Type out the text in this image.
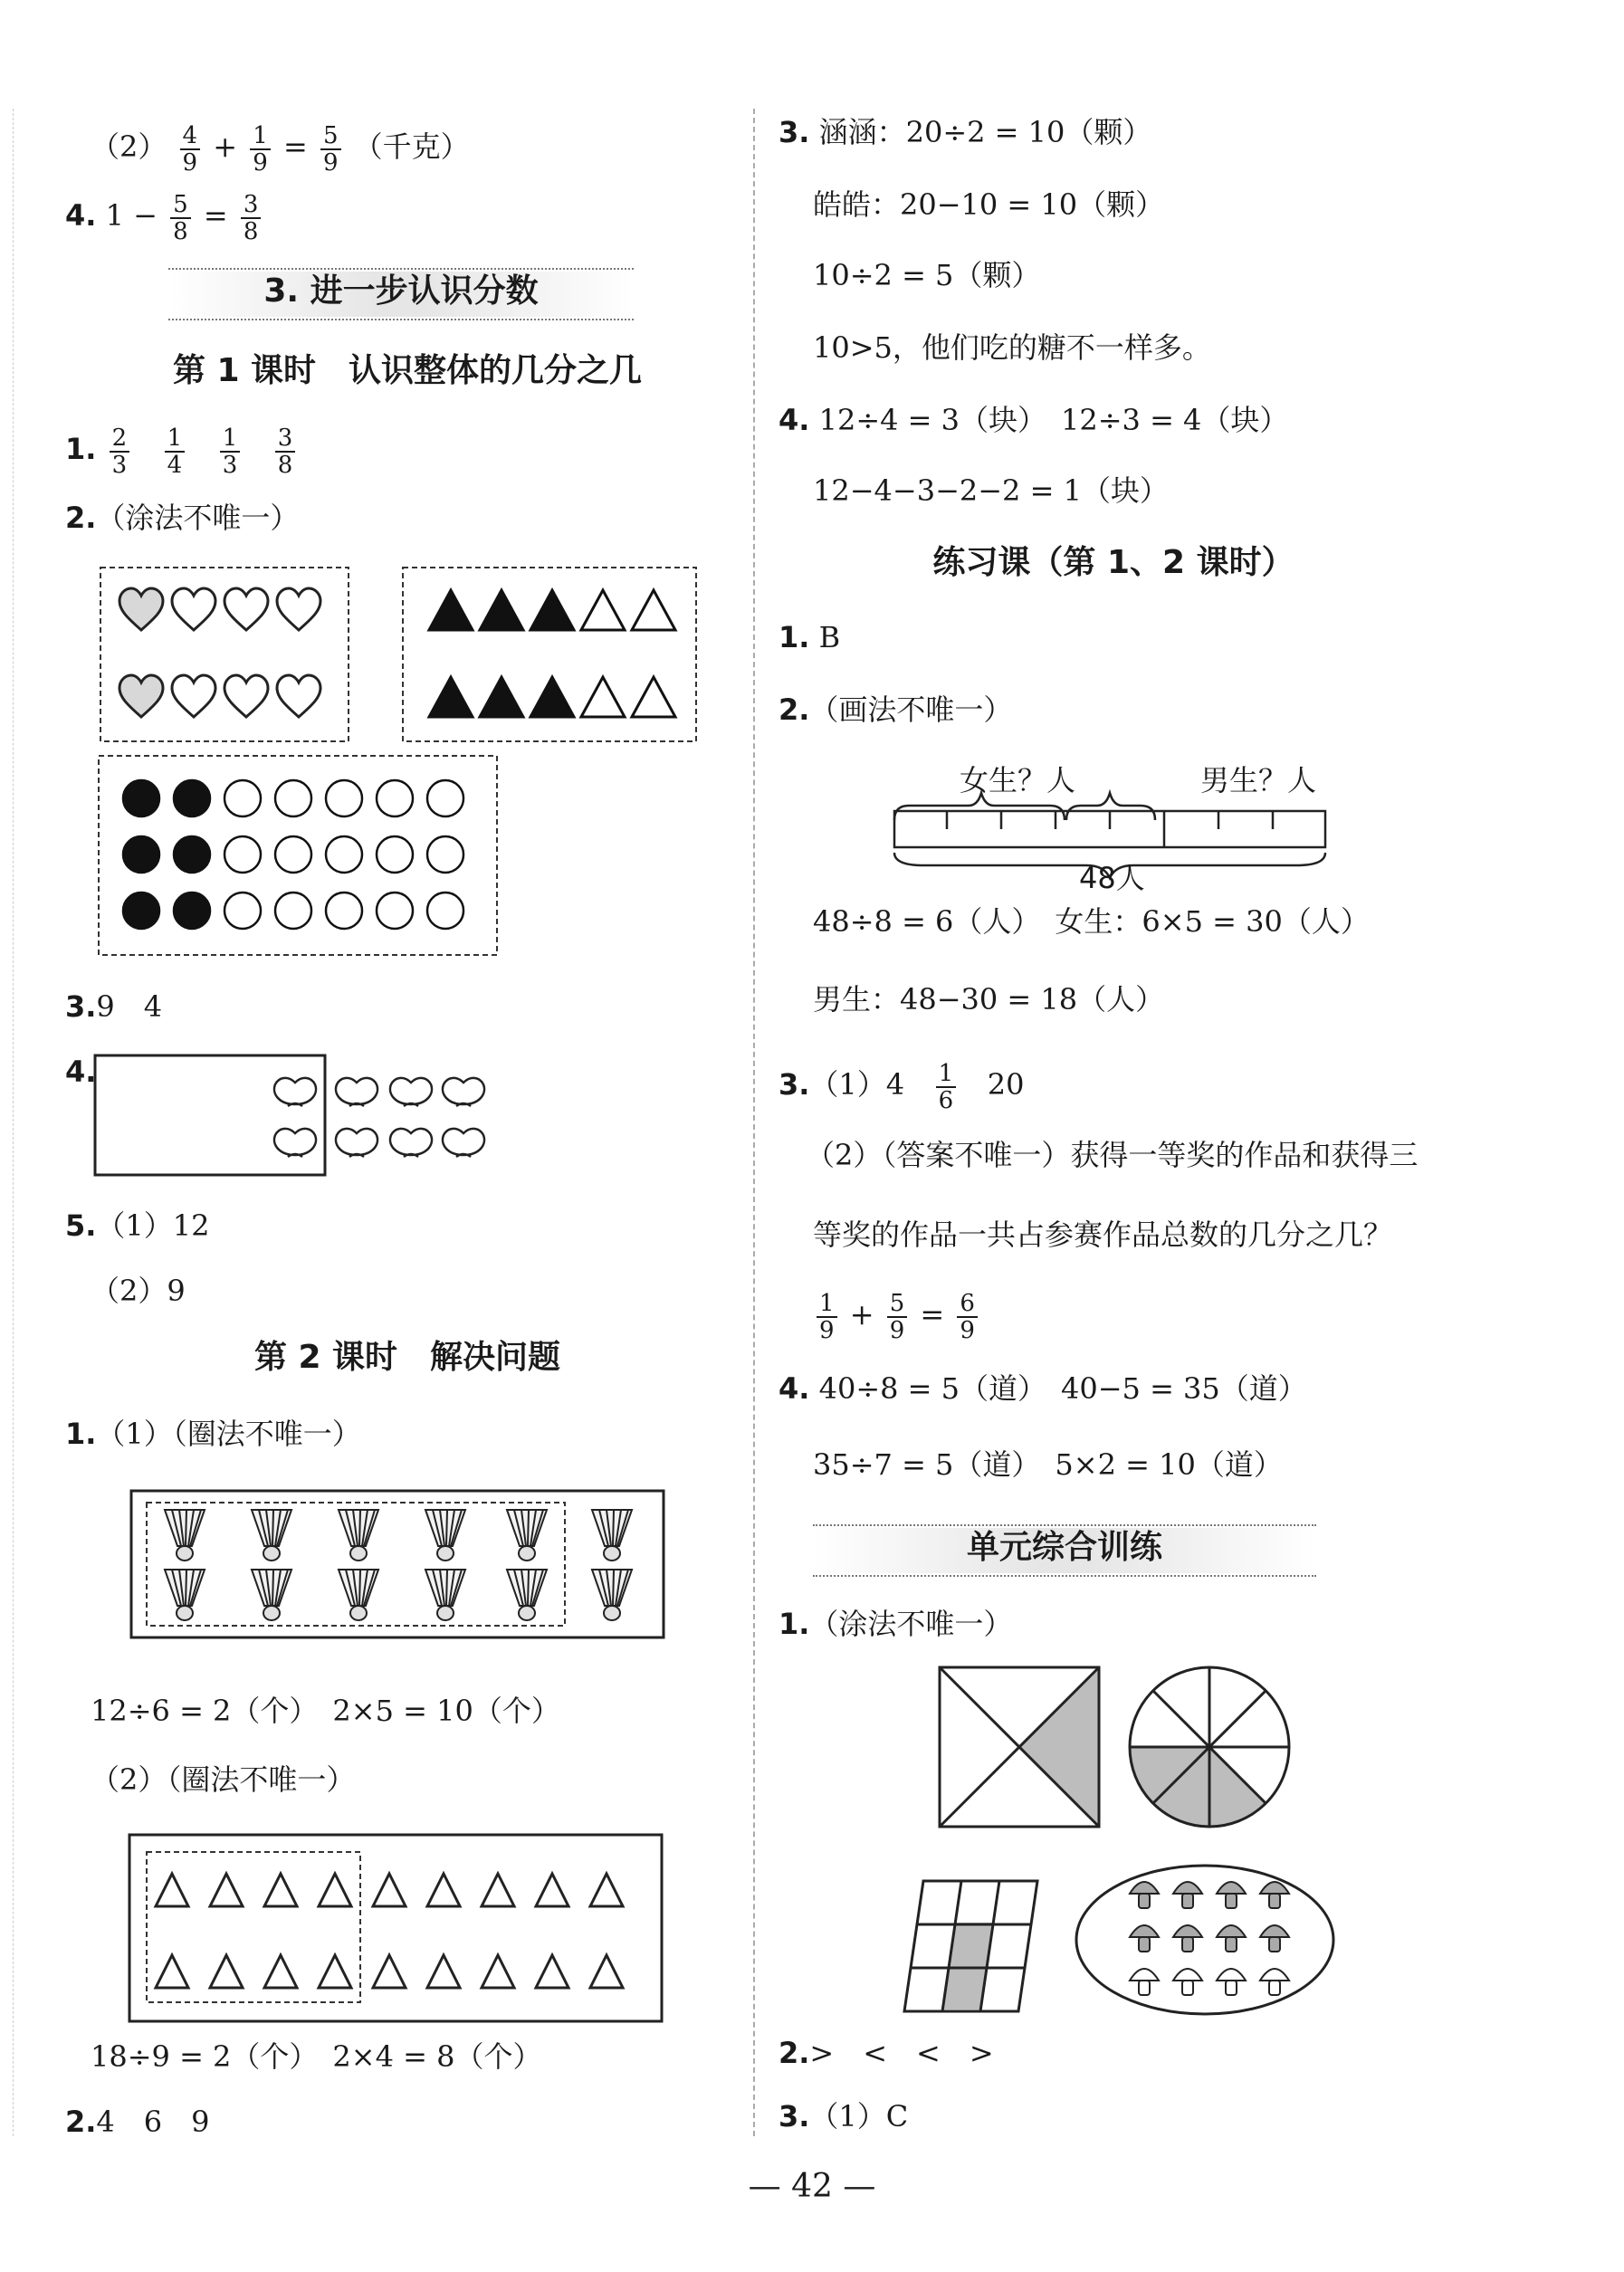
$(2) \frac{4}{9} + \frac{1}{9} = \frac{5}{9}$ （千克）
4. $1 - \frac{5}{8} = \frac{3}{8}$
3. 进一步认识分数
第 1 课时　认识整体的几分之几
1. $\frac{2}{3}$
$\frac{1}{4}$
$\frac{1}{3}$
$\frac{3}{8}$
2.（涂法不唯一）
3.9　4
4.
5.（1）12
（2）9
第 2 课时　解决问题
1.（1）（圈法不唯一）
12÷6 = 2（个）　2×5 = 10（个）
（2）（圈法不唯一）
18÷9 = 2（个）　2×4 = 8（个）
2.4　6　9
3. 涵涵：20÷2 = 10（颗）
皓皓：20−10 = 10（颗）
10÷2 = 5（颗）
10>5，他们吃的糖不一样多。
4. 12÷4 = 3（块）　12÷3 = 4（块）
12−4−3−2−2 = 1（块）
练习课（第 1、2 课时）
1. B
2.（画法不唯一）
女生？人	男生？人
48人
48÷8 = 6（人）　女生：6×5 = 30（人）
男生：48−30 = 18（人）
$3.(1)4 \frac{1}{6} 20$
（2）（答案不唯一）获得一等奖的作品和获得三
等奖的作品一共占参赛作品总数的几分之几？
$\frac{1}{9} + \frac{5}{9} = \frac{6}{9}$
4. 40÷8 = 5（道）　40−5 = 35（道）
35÷7 = 5（道）　5×2 = 10（道）
单元综合训练
1.（涂法不唯一）
2.>　<　<　>
3.（1）C
— 42 —
